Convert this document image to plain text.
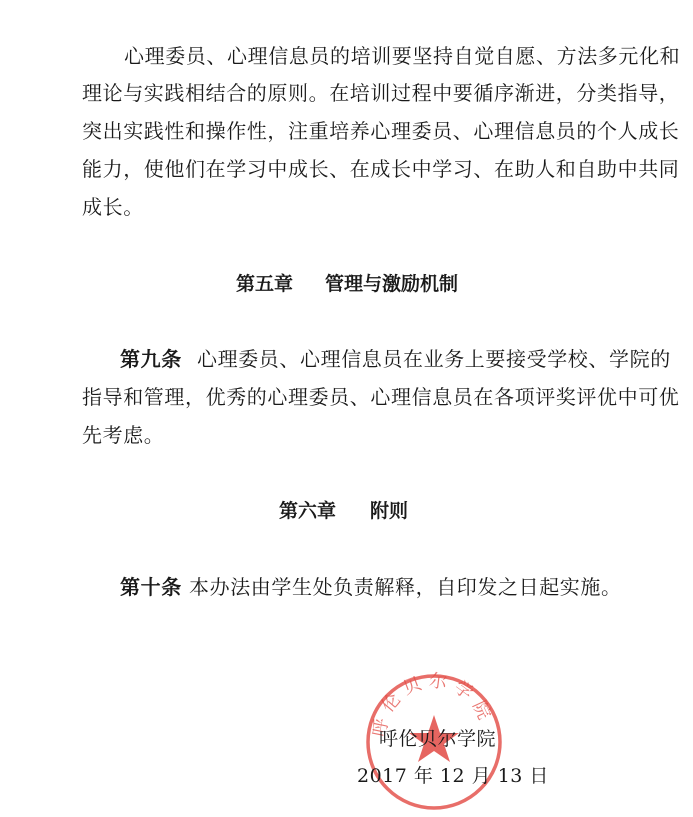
心理委员、心理信息员的培训要坚持自觉自愿、方法多元化和
理论与实践相结合的原则。在培训过程中要循序渐进，分类指导，
突出实践性和操作性，注重培养心理委员、心理信息员的个人成长
能力，使他们在学习中成长、在成长中学习、在助人和自助中共同
成长。
第五章 管理与激励机制
第九条 心理委员、心理信息员在业务上要接受学校、学院的
指导和管理，优秀的心理委员、心理信息员在各项评奖评优中可优
先考虑。
第六章 附则
第十条 本办法由学生处负责解释，自印发之日起实施。
呼伦贝尔学院
呼伦贝尔学院
2017 年 12 月 13 日
